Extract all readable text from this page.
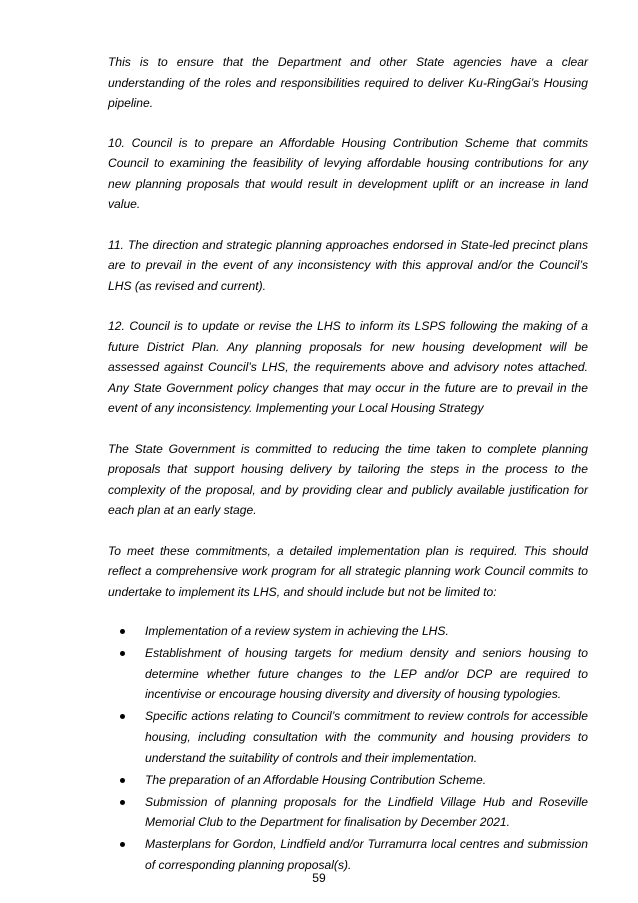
This is to ensure that the Department and other State agencies have a clear understanding of the roles and responsibilities required to deliver Ku-RingGai’s Housing pipeline.

10. Council is to prepare an Affordable Housing Contribution Scheme that commits Council to examining the feasibility of levying affordable housing contributions for any new planning proposals that would result in development uplift or an increase in land value.

11. The direction and strategic planning approaches endorsed in State-led precinct plans are to prevail in the event of any inconsistency with this approval and/or the Council’s LHS (as revised and current).

12. Council is to update or revise the LHS to inform its LSPS following the making of a future District Plan. Any planning proposals for new housing development will be assessed against Council’s LHS, the requirements above and advisory notes attached. Any State Government policy changes that may occur in the future are to prevail in the event of any inconsistency. Implementing your Local Housing Strategy

The State Government is committed to reducing the time taken to complete planning proposals that support housing delivery by tailoring the steps in the process to the complexity of the proposal, and by providing clear and publicly available justification for each plan at an early stage.

To meet these commitments, a detailed implementation plan is required. This should reflect a comprehensive work program for all strategic planning work Council commits to undertake to implement its LHS, and should include but not be limited to:

Implementation of a review system in achieving the LHS.
Establishment of housing targets for medium density and seniors housing to determine whether future changes to the LEP and/or DCP are required to incentivise or encourage housing diversity and diversity of housing typologies.
Specific actions relating to Council’s commitment to review controls for accessible housing, including consultation with the community and housing providers to understand the suitability of controls and their implementation.
The preparation of an Affordable Housing Contribution Scheme.
Submission of planning proposals for the Lindfield Village Hub and Roseville Memorial Club to the Department for finalisation by December 2021.
Masterplans for Gordon, Lindfield and/or Turramurra local centres and submission of corresponding planning proposal(s).
59
